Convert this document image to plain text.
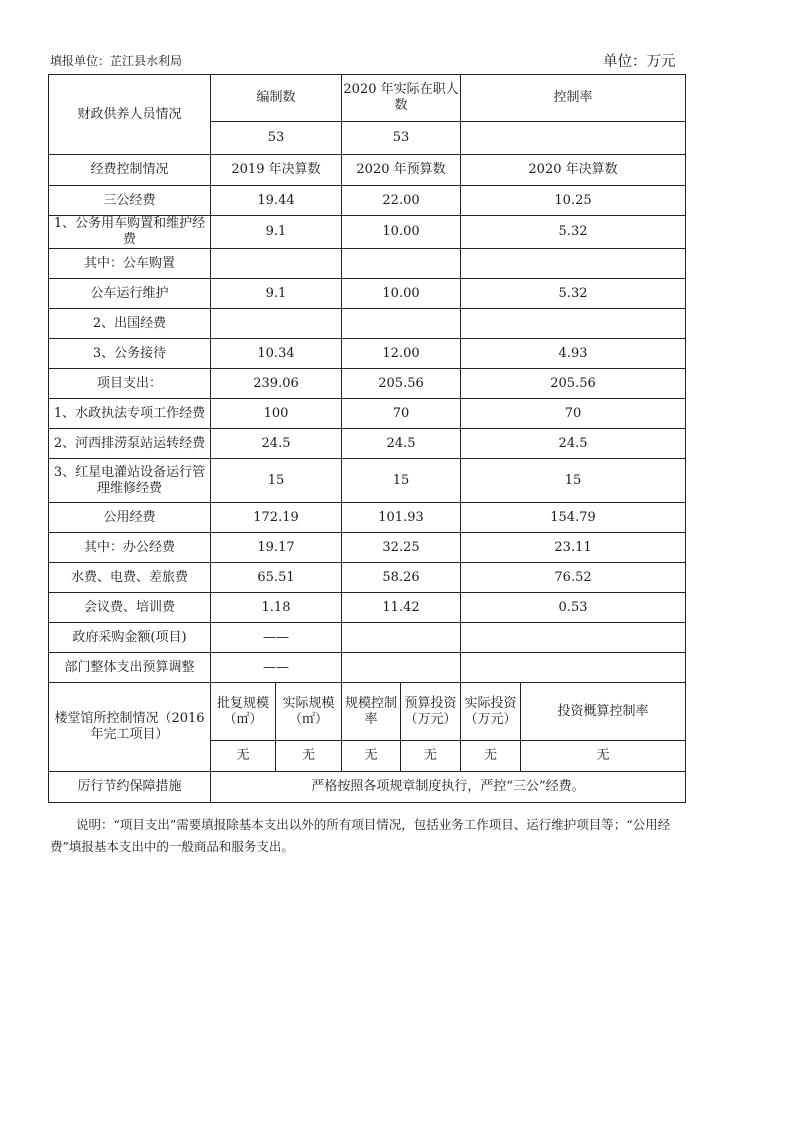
填报单位：芷江县水利局	单位：万元
财政供养人员情况	编制数		2020 年实际在职人数		控制率	
	53		53			
经费控制情况	2019 年决算数		2020 年预算数		2020 年决算数	
三公经费	19.44		22.00		10.25	
1、公务用车购置和维护经费	9.1		10.00		5.32	
其中：公车购置						
公车运行维护	9.1		10.00		5.32	
2、出国经费						
3、公务接待	10.34		12.00		4.93	
项目支出：	239.06		205.56		205.56	
1、水政执法专项工作经费	100		70		70	
2、河西排涝泵站运转经费	24.5		24.5		24.5	
3、红星电灌站设备运行管理维修经费	15		15		15	
公用经费	172.19		101.93		154.79	
其中：办公经费	19.17		32.25		23.11	
水费、电费、差旅费	65.51		58.26		76.52	
会议费、培训费	1.18		11.42		0.53	
政府采购金额(项目)	——					
部门整体支出预算调整	——					
楼堂馆所控制情况（2016 年完工项目）	批复规模（㎡）	实际规模（㎡）	规模控制率	预算投资（万元）	实际投资（万元）	投资概算控制率
	无	无	无	无	无	无
厉行节约保障措施	严格按照各项规章制度执行，严控“三公”经费。					
说明：“项目支出”需要填报除基本支出以外的所有项目情况，包括业务工作项目、运行维护项目等；“公用经费”填报基本支出中的一般商品和服务支出。
